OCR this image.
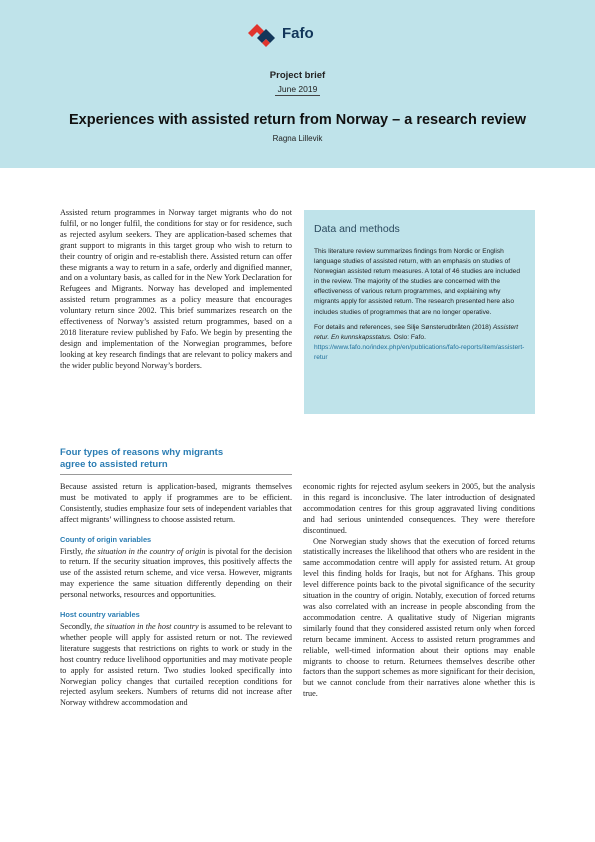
Fafo
Project brief
June 2019
Experiences with assisted return from Norway – a research review
Ragna Lillevik
Assisted return programmes in Norway target migrants who do not fulfil, or no longer fulfil, the conditions for stay or for residence, such as rejected asylum seekers. They are application-based schemes that grant support to migrants in this target group who wish to return to their country of origin and re-establish there. Assisted return can offer these migrants a way to return in a safe, orderly and dignified manner, and on a voluntary basis, as called for in the New York Declaration for Refugees and Migrants. Norway has developed and implemented assisted return programmes as a policy measure that encourages voluntary return since 2002. This brief summarizes research on the effectiveness of Norway’s assisted return programmes, based on a 2018 literature review published by Fafo. We begin by presenting the design and implementation of the Norwegian programmes, before looking at key research findings that are relevant to policy makers and the wider public beyond Norway’s borders.
Data and methods

This literature review summarizes findings from Nordic or English language studies of assisted return, with an emphasis on studies of Norwegian assisted return measures. A total of 46 studies are included in the review. The majority of the studies are concerned with the effectiveness of various return programmes, and explaining why migrants apply for assisted return. The research presented here also includes studies of programmes that are no longer operative.

For details and references, see Silje Sønsterudbråten (2018) Assistert retur. En kunnskapsstatus. Oslo: Fafo. https://www.fafo.no/index.php/en/publications/fafo-reports/item/assistert-retur

Four types of reasons why migrants
agree to assisted return

Because assisted return is application-based, migrants themselves must be motivated to apply if programmes are to be efficient. Consistently, studies emphasize four sets of independent variables that affect migrants’ willingness to choose assisted return.

County of origin variables

Firstly, the situation in the country of origin is pivotal for the decision to return. If the security situation improves, this positively affects the use of the assisted return scheme, and vice versa. However, migrants may experience the same situation differently depending on their personal networks, resources and opportunities.

Host country variables

Secondly, the situation in the host country is assumed to be relevant to whether people will apply for assisted return or not. The reviewed literature suggests that restrictions on rights to work or study in the host country reduce livelihood opportunities and may motivate people to apply for assisted return. Two studies looked specifically into Norwegian policy changes that curtailed reception conditions for rejected asylum seekers. Numbers of returns did not increase after Norway withdrew accommodation and

economic rights for rejected asylum seekers in 2005, but the analysis in this regard is inconclusive. The later introduction of designated accommodation centres for this group aggravated living conditions and had serious unintended consequences. They were therefore discontinued.

One Norwegian study shows that the execution of forced returns statistically increases the likelihood that others who are resident in the same accommodation centre will apply for assisted return. At group level this finding holds for Iraqis, but not for Afghans. This group level difference points back to the pivotal significance of the security situation in the country of origin. Notably, execution of forced returns was also correlated with an increase in people absconding from the accommodation centre. A qualitative study of Nigerian migrants similarly found that they considered assisted return only when forced return became imminent. Access to assisted return programmes and reliable, well-timed information about their options may enable migrants to choose to return. Returnees themselves describe other factors than the support schemes as more significant for their decision, but we cannot conclude from their narratives alone whether this is true.
